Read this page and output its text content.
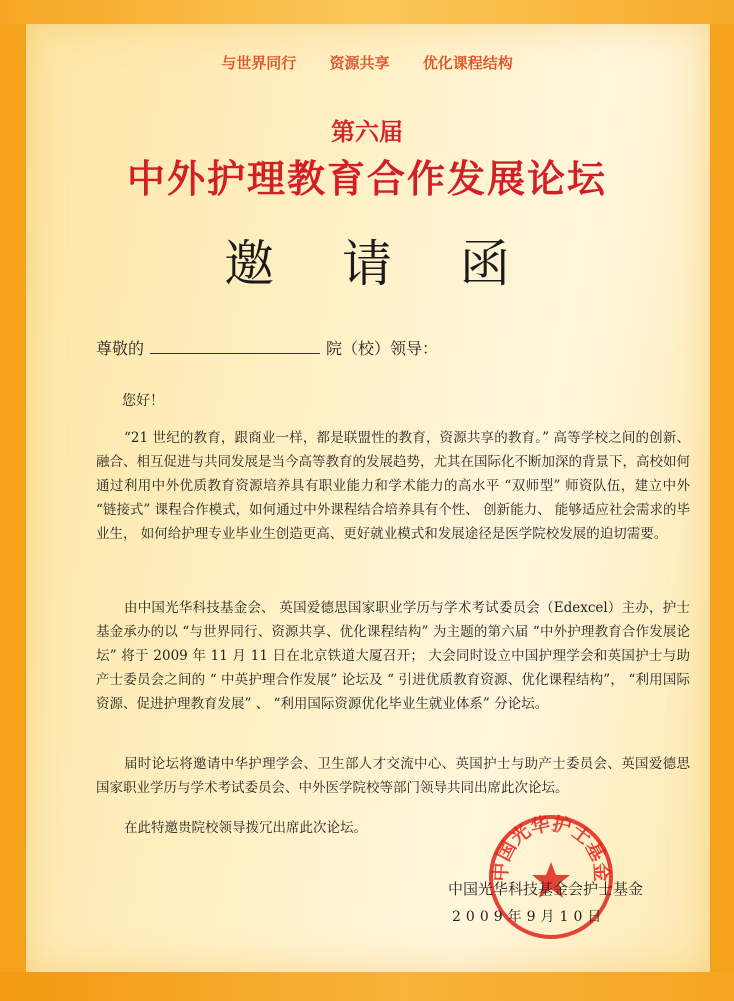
与世界同行 资源共享 优化课程结构
第六届
中外护理教育合作发展论坛
邀 请 函
尊敬的	院（校）领导：
您好！

“21 世纪的教育，跟商业一样，都是联盟性的教育，资源共享的教育。” 高等学校之间的创新、融合、相互促进与共同发展是当今高等教育的发展趋势，尤其在国际化不断加深的背景下，高校如何通过利用中外优质教育资源培养具有职业能力和学术能力的高水平 “双师型” 师资队伍，建立中外 “链接式” 课程合作模式，如何通过中外课程结合培养具有个性、 创新能力、 能够适应社会需求的毕业生， 如何给护理专业毕业生创造更高、更好就业模式和发展途径是医学院校发展的迫切需要。

由中国光华科技基金会、 英国爱德思国家职业学历与学术考试委员会（Edexcel）主办，护士基金承办的以 “与世界同行、资源共享、优化课程结构” 为主题的第六届 “中外护理教育合作发展论坛” 将于 2009 年 11 月 11 日在北京铁道大厦召开； 大会同时设立中国护理学会和英国护士与助产士委员会之间的 “ 中英护理合作发展” 论坛及 “ 引进优质教育资源、优化课程结构”， “利用国际资源、促进护理教育发展” 、 “利用国际资源优化毕业生就业体系” 分论坛。

届时论坛将邀请中华护理学会、卫生部人才交流中心、英国护士与助产士委员会、英国爱德思国家职业学历与学术考试委员会、中外医学院校等部门领导共同出席此次论坛。

在此特邀贵院校领导拨冗出席此次论坛。

中国光华护士基金
中国光华科技基金会护士基金
2009年9月10日
